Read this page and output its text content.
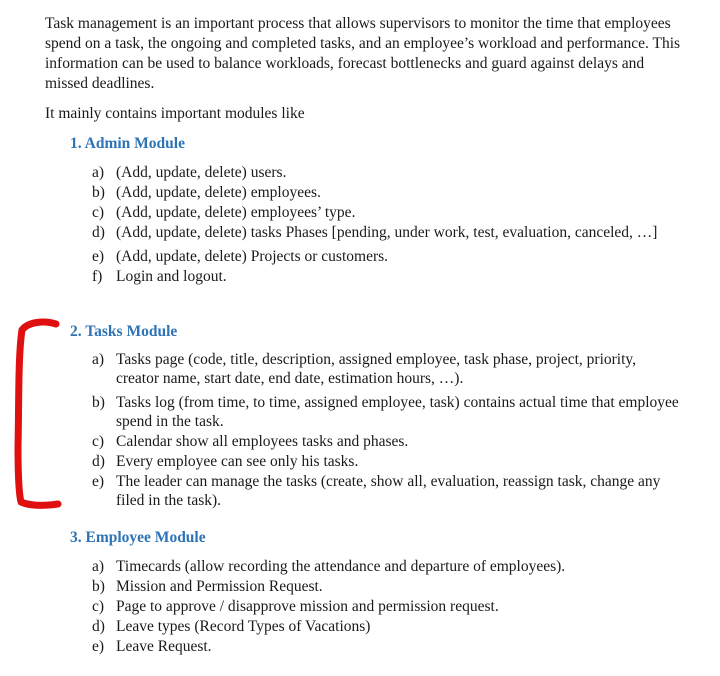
Task management is an important process that allows supervisors to monitor the time that employees spend on a task, the ongoing and completed tasks, and an employee’s workload and performance. This information can be used to balance workloads, forecast bottlenecks and guard against delays and missed deadlines.

It mainly contains important modules like

1. Admin Module
a) (Add, update, delete) users.
b) (Add, update, delete) employees.
c) (Add, update, delete) employees’ type.
d) (Add, update, delete) tasks Phases [pending, under work, test, evaluation, canceled, …]
e) (Add, update, delete) Projects or customers.
f) Login and logout.
2. Tasks Module
a) Tasks page (code, title, description, assigned employee, task phase, project, priority, creator name, start date, end date, estimation hours, …).
b) Tasks log (from time, to time, assigned employee, task) contains actual time that employee spend in the task.
c) Calendar show all employees tasks and phases.
d) Every employee can see only his tasks.
e) The leader can manage the tasks (create, show all, evaluation, reassign task, change any filed in the task).
3. Employee Module
a) Timecards (allow recording the attendance and departure of employees).
b) Mission and Permission Request.
c) Page to approve / disapprove mission and permission request.
d) Leave types (Record Types of Vacations)
e) Leave Request.
